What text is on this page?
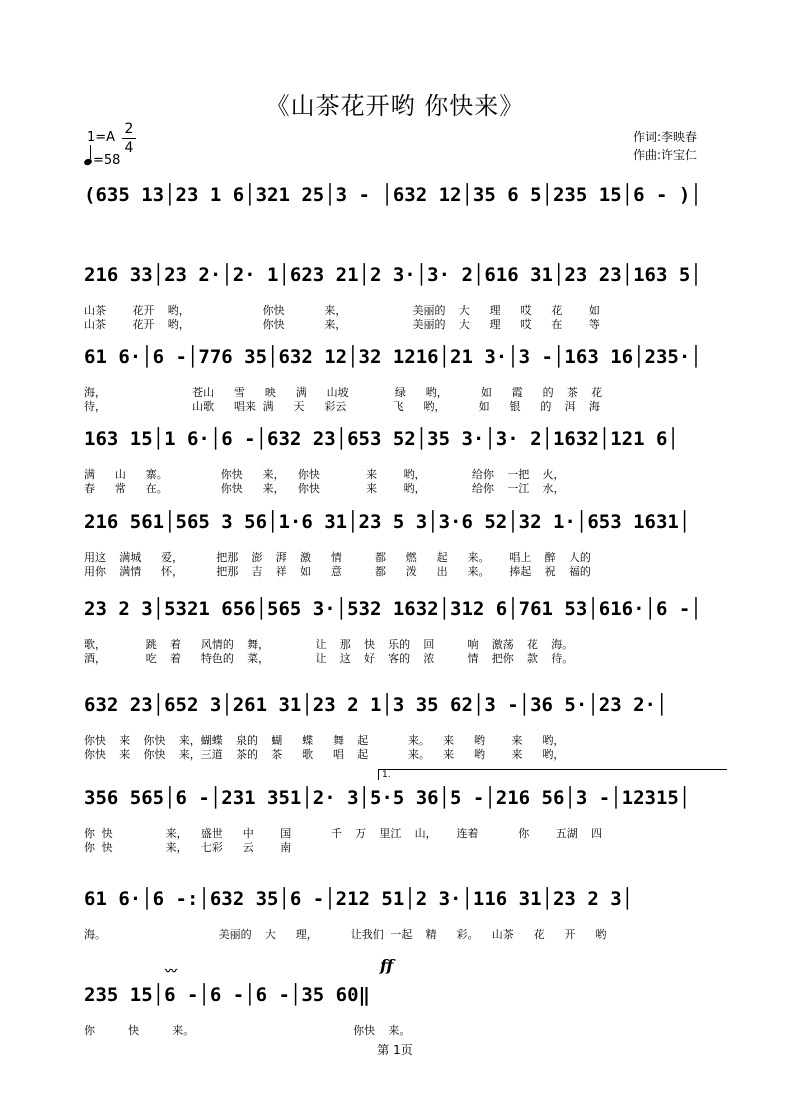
《山茶花开哟 你快来》
1=A
2
4
=58
作词:李映春
作曲:许宝仁
(635 13│23 1 6│321 25│3 - │632 12│35 6 5│235 15│6 - )│
216 33│23 2·│2· 1│623 21│2 3·│3· 2│616 31│23 23│163 5│
山茶    花开  哟，           你快      来，          美丽的  大   理   哎   花    如
山茶    花开  哟，           你快      来，          美丽的  大   理   哎   在    等
61 6·│6 -│776 35│632 12│32 1216│21 3·│3 -│163 16│235·│
海，             苍山   雪   映   满   山坡       绿   哟，     如   霞   的  茶  花
待，             山歌   唱来 满   天   彩云       飞   哟，     如   银   的  洱  海
163 15│1 6·│6 -│632 23│653 52│35 3·│3· 2│1632│121 6│
满   山   寨。        你快   来，  你快       来    哟，       给你  一把  火，
春   常   在。        你快   来，  你快       来    哟，       给你  一江  水，
216 561│565 3 56│1·6 31│23 5 3│3·6 52│32 1·│653 1631│
用这  满城   爱，     把那  澎  湃  激   情     都   燃   起   来。   唱上  醉  人的
用你  满情   怀，     把那  吉  祥  如   意     都   泼   出   来。   捧起  祝  福的
23 2 3│5321 656│565 3·│532 1632│312 6│761 53│616·│6 -│
歌，      跳  着   风情的  舞，       让  那  快  乐的  回     响  激荡  花  海。
酒，      吃  着   特色的  菜，       让  这  好  客的  浓     情  把你  款  待。
632 23│652 3│261 31│23 2 1│3 35 62│3 -│36 5·│23 2·│
你快  来  你快  来，蝴蝶  泉的  蝴   蝶   舞  起      来。  来   哟    来   哟，
你快  来  你快  来，三道  茶的  茶   歌   唱  起      来。  来   哟    来   哟，
356 565│6 -│231 351│2· 3│5·5 36│5 -│216 56│3 -│12315│
你 快        来，  盛世   中    国      千  万  里江  山，   连着      你    五湖  四
你 快        来，  七彩   云    南
61 6·│6 -:│632 35│6 -│212 51│2 3·│116 31│23 2 3│
海。                 美丽的  大   理，     让我们 一起  精   彩。  山茶   花   开   哟
235 15│6 -│6 -│6 -│35 60‖
你     快     来。                        你快  来。
1.
〰	ff
第 1页
